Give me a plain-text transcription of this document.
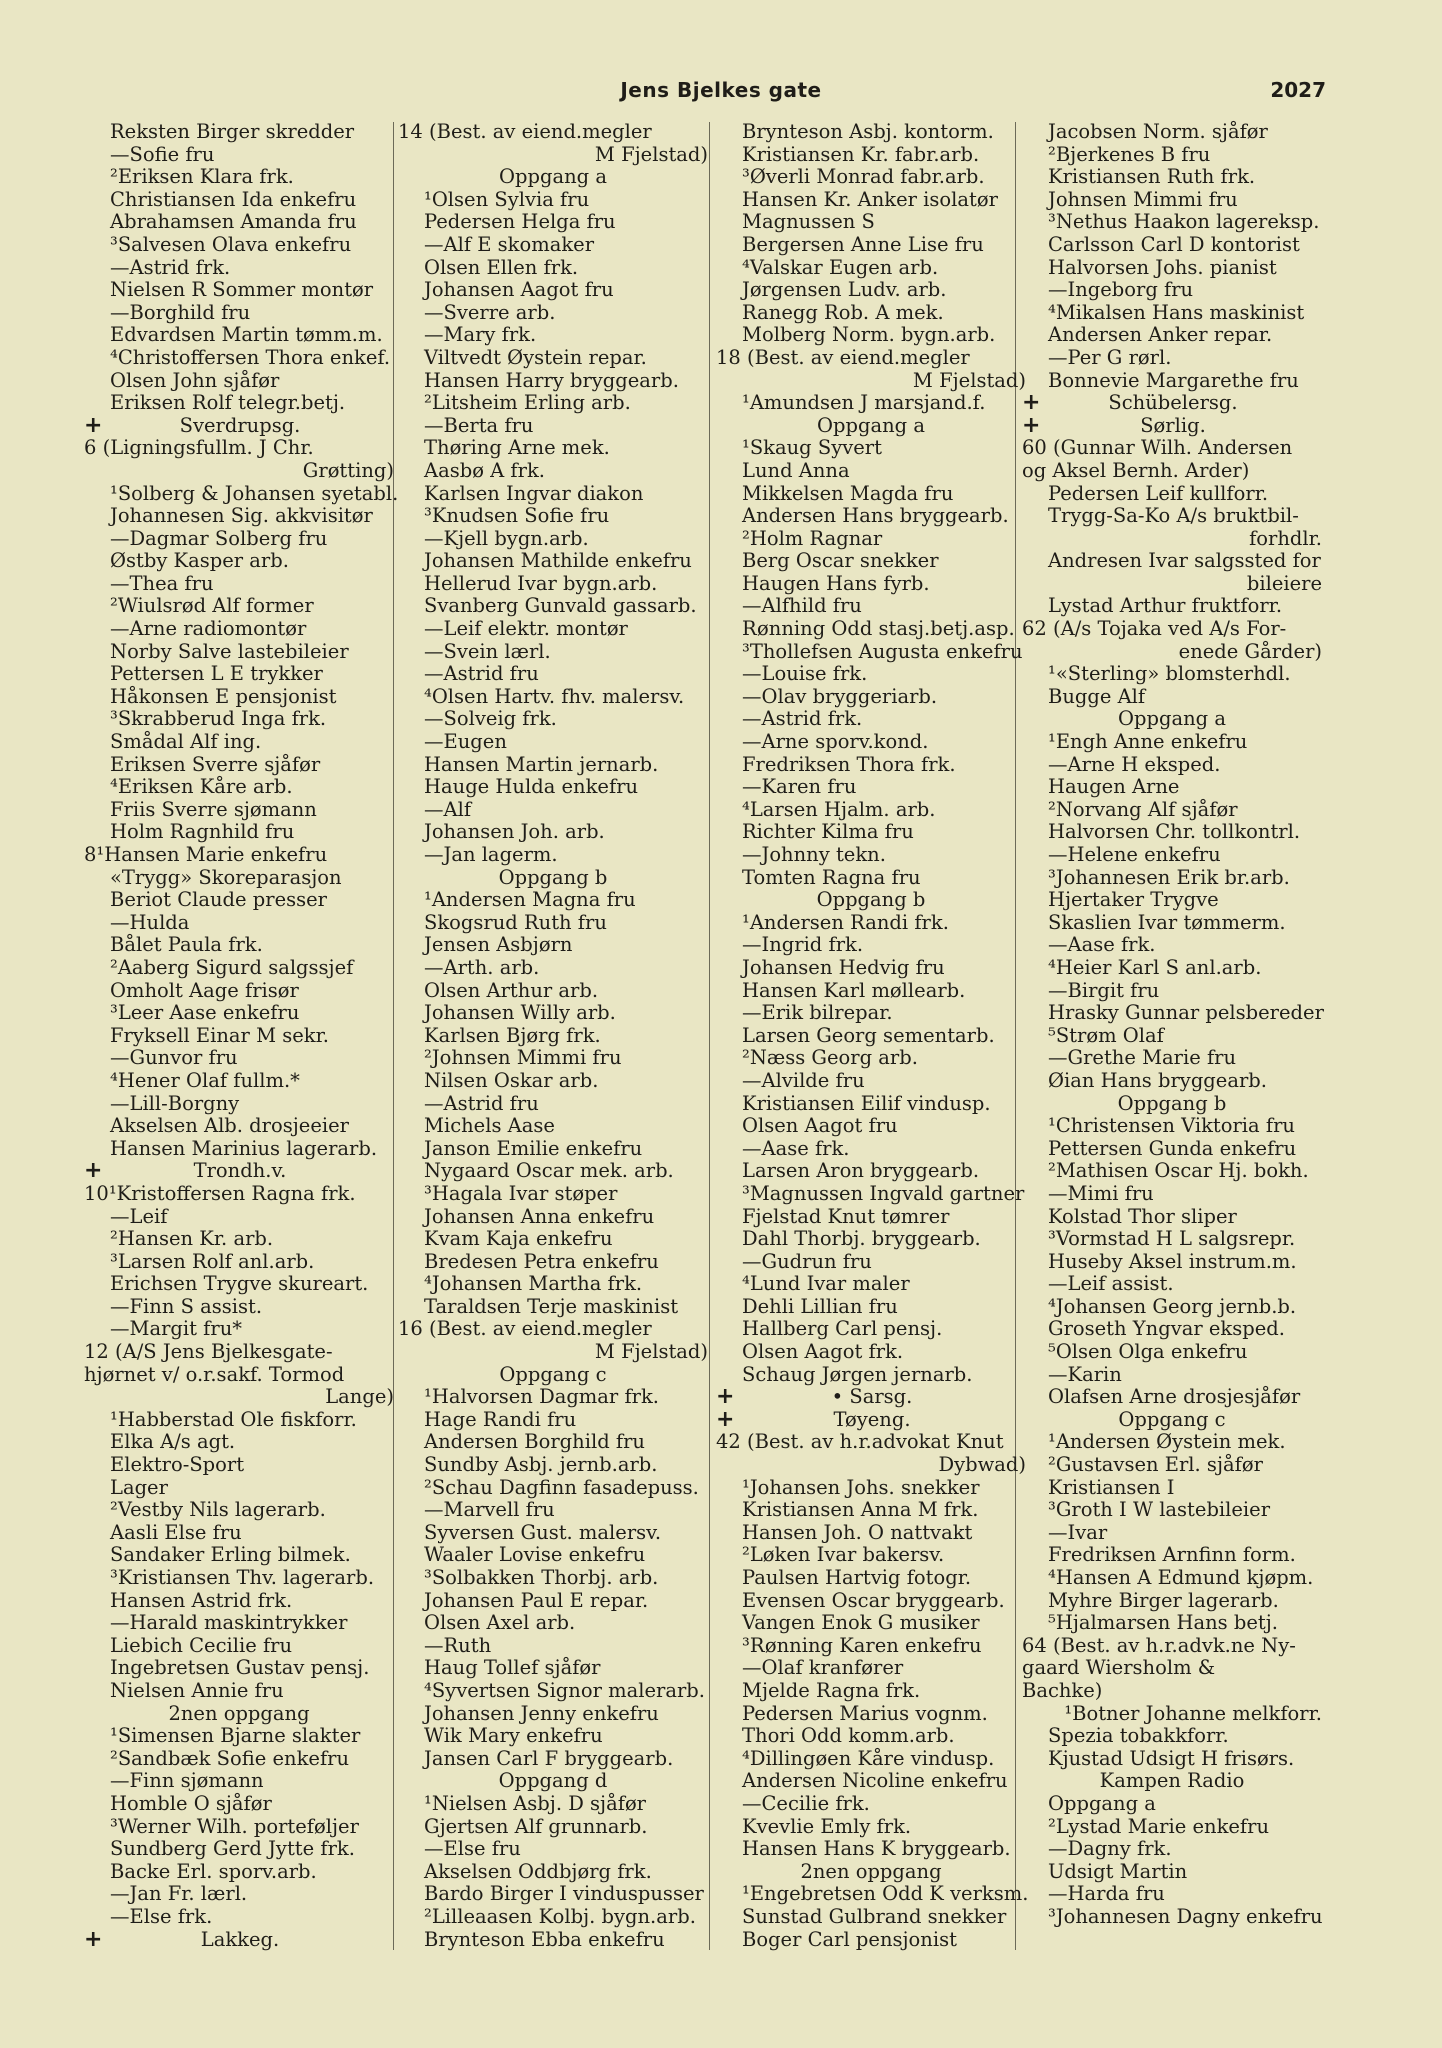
Jens Bjelkes gate	2027
Reksten Birger skredder
—Sofie fru
²Eriksen Klara frk.
Christiansen Ida enkefru
Abrahamsen Amanda fru
³Salvesen Olava enkefru
—Astrid frk.
Nielsen R Sommer montør
—Borghild fru
Edvardsen Martin tømm.m.
⁴Christoffersen Thora enkef.
Olsen John sjåfør
Eriksen Rolf telegr.betj.
+	Sverdrupsg.
6 (Ligningsfullm. J Chr.
Grøtting)
¹Solberg & Johansen syetabl.
Johannesen Sig. akkvisitør
—Dagmar Solberg fru
Østby Kasper arb.
—Thea fru
²Wiulsrød Alf former
—Arne radiomontør
Norby Salve lastebileier
Pettersen L E trykker
Håkonsen E pensjonist
³Skrabberud Inga frk.
Smådal Alf ing.
Eriksen Sverre sjåfør
⁴Eriksen Kåre arb.
Friis Sverre sjømann
Holm Ragnhild fru
8¹Hansen Marie enkefru
«Trygg» Skoreparasjon
Beriot Claude presser
—Hulda
Bålet Paula frk.
²Aaberg Sigurd salgssjef
Omholt Aage frisør
³Leer Aase enkefru
Fryksell Einar M sekr.
—Gunvor fru
⁴Hener Olaf fullm.*
—Lill-Borgny
Akselsen Alb. drosjeeier
Hansen Marinius lagerarb.
+	Trondh.v.
10¹Kristoffersen Ragna frk.
—Leif
²Hansen Kr. arb.
³Larsen Rolf anl.arb.
Erichsen Trygve skureart.
—Finn S assist.
—Margit fru*
12 (A/S Jens Bjelkesgate-
hjørnet v/ o.r.sakf. Tormod
Lange)
¹Habberstad Ole fiskforr.
Elka A/s agt.
Elektro-Sport
Lager
²Vestby Nils lagerarb.
Aasli Else fru
Sandaker Erling bilmek.
³Kristiansen Thv. lagerarb.
Hansen Astrid frk.
—Harald maskintrykker
Liebich Cecilie fru
Ingebretsen Gustav pensj.
Nielsen Annie fru
2nen oppgang
¹Simensen Bjarne slakter
²Sandbæk Sofie enkefru
—Finn sjømann
Homble O sjåfør
³Werner Wilh. porteføljer
Sundberg Gerd Jytte frk.
Backe Erl. sporv.arb.
—Jan Fr. lærl.
—Else frk.
+	Lakkeg.
14 (Best. av eiend.megler
M Fjelstad)
Oppgang a
¹Olsen Sylvia fru
Pedersen Helga fru
—Alf E skomaker
Olsen Ellen frk.
Johansen Aagot fru
—Sverre arb.
—Mary frk.
Viltvedt Øystein repar.
Hansen Harry bryggearb.
²Litsheim Erling arb.
—Berta fru
Thøring Arne mek.
Aasbø A frk.
Karlsen Ingvar diakon
³Knudsen Sofie fru
—Kjell bygn.arb.
Johansen Mathilde enkefru
Hellerud Ivar bygn.arb.
Svanberg Gunvald gassarb.
—Leif elektr. montør
—Svein lærl.
—Astrid fru
⁴Olsen Hartv. fhv. malersv.
—Solveig frk.
—Eugen
Hansen Martin jernarb.
Hauge Hulda enkefru
—Alf
Johansen Joh. arb.
—Jan lagerm.
Oppgang b
¹Andersen Magna fru
Skogsrud Ruth fru
Jensen Asbjørn
—Arth. arb.
Olsen Arthur arb.
Johansen Willy arb.
Karlsen Bjørg frk.
²Johnsen Mimmi fru
Nilsen Oskar arb.
—Astrid fru
Michels Aase
Janson Emilie enkefru
Nygaard Oscar mek. arb.
³Hagala Ivar støper
Johansen Anna enkefru
Kvam Kaja enkefru
Bredesen Petra enkefru
⁴Johansen Martha frk.
Taraldsen Terje maskinist
16 (Best. av eiend.megler
M Fjelstad)
Oppgang c
¹Halvorsen Dagmar frk.
Hage Randi fru
Andersen Borghild fru
Sundby Asbj. jernb.arb.
²Schau Dagfinn fasadepuss.
—Marvell fru
Syversen Gust. malersv.
Waaler Lovise enkefru
³Solbakken Thorbj. arb.
Johansen Paul E repar.
Olsen Axel arb.
—Ruth
Haug Tollef sjåfør
⁴Syvertsen Signor malerarb.
Johansen Jenny enkefru
Wik Mary enkefru
Jansen Carl F bryggearb.
Oppgang d
¹Nielsen Asbj. D sjåfør
Gjertsen Alf grunnarb.
—Else fru
Akselsen Oddbjørg frk.
Bardo Birger I vinduspusser
²Lilleaasen Kolbj. bygn.arb.
Brynteson Ebba enkefru
Brynteson Asbj. kontorm.
Kristiansen Kr. fabr.arb.
³Øverli Monrad fabr.arb.
Hansen Kr. Anker isolatør
Magnussen S
Bergersen Anne Lise fru
⁴Valskar Eugen arb.
Jørgensen Ludv. arb.
Ranegg Rob. A mek.
Molberg Norm. bygn.arb.
18 (Best. av eiend.megler
M Fjelstad)
¹Amundsen J marsjand.f.
Oppgang a
¹Skaug Syvert
Lund Anna
Mikkelsen Magda fru
Andersen Hans bryggearb.
²Holm Ragnar
Berg Oscar snekker
Haugen Hans fyrb.
—Alfhild fru
Rønning Odd stasj.betj.asp.
³Thollefsen Augusta enkefru
—Louise frk.
—Olav bryggeriarb.
—Astrid frk.
—Arne sporv.kond.
Fredriksen Thora frk.
—Karen fru
⁴Larsen Hjalm. arb.
Richter Kilma fru
—Johnny tekn.
Tomten Ragna fru
Oppgang b
¹Andersen Randi frk.
—Ingrid frk.
Johansen Hedvig fru
Hansen Karl møllearb.
—Erik bilrepar.
Larsen Georg sementarb.
²Næss Georg arb.
—Alvilde fru
Kristiansen Eilif vindusp.
Olsen Aagot fru
—Aase frk.
Larsen Aron bryggearb.
³Magnussen Ingvald gartner
Fjelstad Knut tømrer
Dahl Thorbj. bryggearb.
—Gudrun fru
⁴Lund Ivar maler
Dehli Lillian fru
Hallberg Carl pensj.
Olsen Aagot frk.
Schaug Jørgen jernarb.
+	• Sarsg.
+	Tøyeng.
42 (Best. av h.r.advokat Knut
Dybwad)
¹Johansen Johs. snekker
Kristiansen Anna M frk.
Hansen Joh. O nattvakt
²Løken Ivar bakersv.
Paulsen Hartvig fotogr.
Evensen Oscar bryggearb.
Vangen Enok G musiker
³Rønning Karen enkefru
—Olaf kranfører
Mjelde Ragna frk.
Pedersen Marius vognm.
Thori Odd komm.arb.
⁴Dillingøen Kåre vindusp.
Andersen Nicoline enkefru
—Cecilie frk.
Kvevlie Emly frk.
Hansen Hans K bryggearb.
2nen oppgang
¹Engebretsen Odd K verksm.
Sunstad Gulbrand snekker
Boger Carl pensjonist
Jacobsen Norm. sjåfør
²Bjerkenes B fru
Kristiansen Ruth frk.
Johnsen Mimmi fru
³Nethus Haakon lagereksp.
Carlsson Carl D kontorist
Halvorsen Johs. pianist
—Ingeborg fru
⁴Mikalsen Hans maskinist
Andersen Anker repar.
—Per G rørl.
Bonnevie Margarethe fru
+	Schübelersg.
+	Sørlig.
60 (Gunnar Wilh. Andersen
og Aksel Bernh. Arder)
Pedersen Leif kullforr.
Trygg-Sa-Ko A/s bruktbil-
forhdlr.
Andresen Ivar salgssted for
bileiere
Lystad Arthur fruktforr.
62 (A/s Tojaka ved A/s For-
enede Gårder)
¹«Sterling» blomsterhdl.
Bugge Alf
Oppgang a
¹Engh Anne enkefru
—Arne H eksped.
Haugen Arne
²Norvang Alf sjåfør
Halvorsen Chr. tollkontrl.
—Helene enkefru
³Johannesen Erik br.arb.
Hjertaker Trygve
Skaslien Ivar tømmerm.
—Aase frk.
⁴Heier Karl S anl.arb.
—Birgit fru
Hrasky Gunnar pelsbereder
⁵Strøm Olaf
—Grethe Marie fru
Øian Hans bryggearb.
Oppgang b
¹Christensen Viktoria fru
Pettersen Gunda enkefru
²Mathisen Oscar Hj. bokh.
—Mimi fru
Kolstad Thor sliper
³Vormstad H L salgsrepr.
Huseby Aksel instrum.m.
—Leif assist.
⁴Johansen Georg jernb.b.
Groseth Yngvar eksped.
⁵Olsen Olga enkefru
—Karin
Olafsen Arne drosjesjåfør
Oppgang c
¹Andersen Øystein mek.
²Gustavsen Erl. sjåfør
Kristiansen I
³Groth I W lastebileier
—Ivar
Fredriksen Arnfinn form.
⁴Hansen A Edmund kjøpm.
Myhre Birger lagerarb.
⁵Hjalmarsen Hans betj.
64 (Best. av h.r.advk.ne Ny-
gaard Wiersholm &
Bachke)
¹Botner Johanne melkforr.
Spezia tobakkforr.
Kjustad Udsigt H frisørs.
Kampen Radio
Oppgang a
²Lystad Marie enkefru
—Dagny frk.
Udsigt Martin
—Harda fru
³Johannesen Dagny enkefru
